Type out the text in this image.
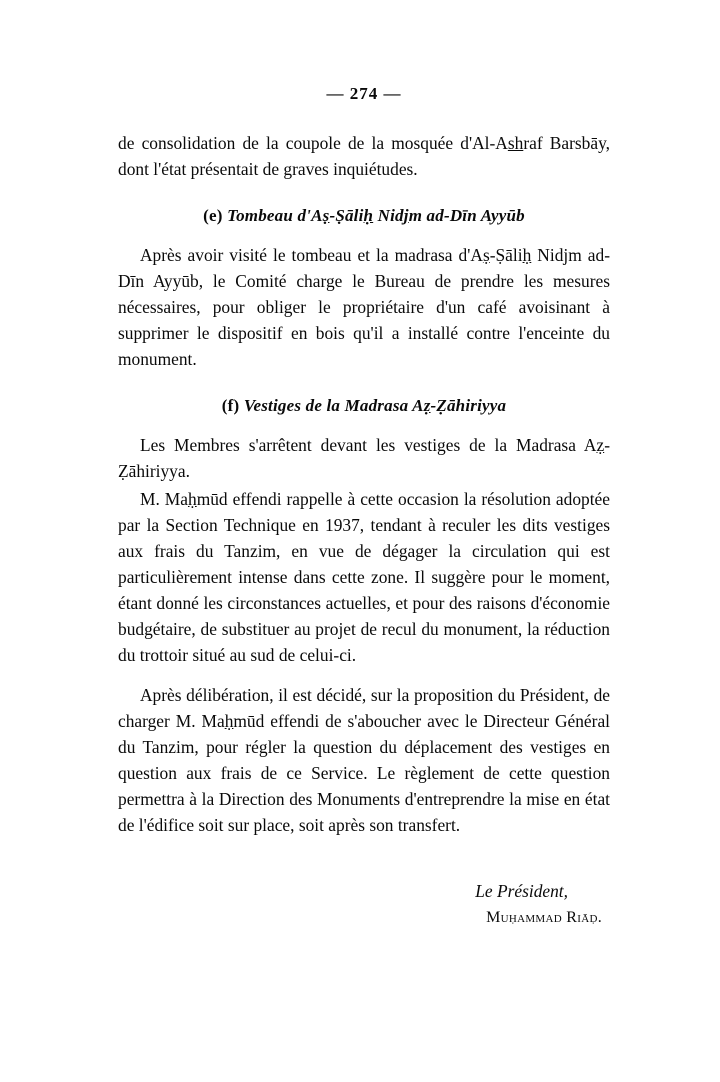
— 274 —

de consolidation de la coupole de la mosquée d'Al-Ashraf Barsbāy, dont l'état présentait de graves inquiétudes.

(e) Tombeau d'Aṣ-Ṣāliḥ Nidjm ad-Dīn Ayyūb

Après avoir visité le tombeau et la madrasa d'Aṣ-Ṣāliḥ Nidjm ad-Dīn Ayyūb, le Comité charge le Bureau de prendre les mesures nécessaires, pour obliger le propriétaire d'un café avoisinant à supprimer le dispositif en bois qu'il a installé contre l'enceinte du monument.

(f) Vestiges de la Madrasa Aẓ-Ẓāhiriyya

Les Membres s'arrêtent devant les vestiges de la Madrasa Aẓ-Ẓāhiriyya.

M. Maḥmūd effendi rappelle à cette occasion la résolution adoptée par la Section Technique en 1937, tendant à reculer les dits vestiges aux frais du Tanzim, en vue de dégager la circulation qui est particulièrement intense dans cette zone. Il suggère pour le moment, étant donné les circonstances actuelles, et pour des raisons d'économie budgétaire, de substituer au projet de recul du monument, la réduction du trottoir situé au sud de celui-ci.

Après délibération, il est décidé, sur la proposition du Président, de charger M. Maḥmūd effendi de s'aboucher avec le Directeur Général du Tanzim, pour régler la question du déplacement des vestiges en question aux frais de ce Service. Le règlement de cette question permettra à la Direction des Monuments d'entreprendre la mise en état de l'édifice soit sur place, soit après son transfert.

Le Président,
Muḥammad Riāḍ.
